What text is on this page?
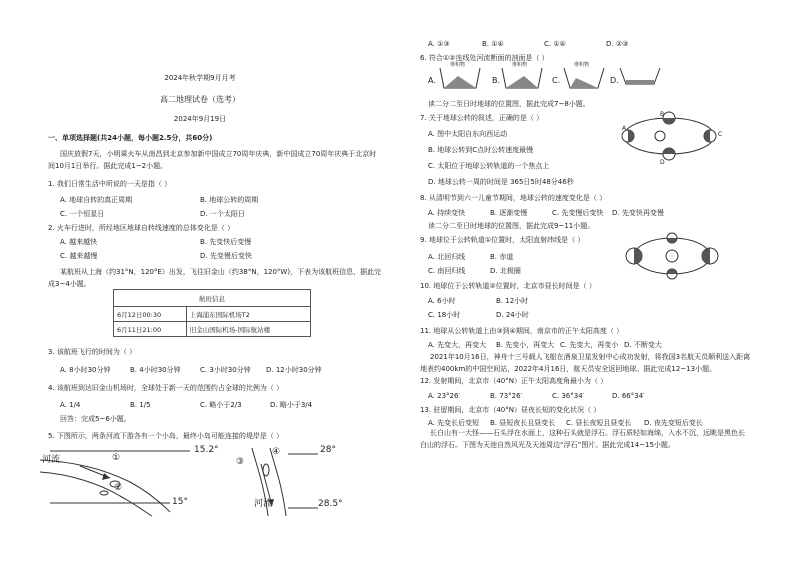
2024年秋学期9月月考
高二地理试卷（选考）
2024年9月19日
一、单项选择题(共24小题，每小题2.5分，共60分)
国庆放假7天，小明乘火车从南昌到北京参加新中国成立70周年庆典，新中国成立70周年庆典于北京时
间10月1日举行。据此完成1~2小题。
1. 我们日常生活中所说的一天是指（ ）
A. 地球自转的真正周期	B. 地球公转的周期
C. 一个恒星日	D. 一个太阳日
2. 火车行进时，所经地区地球自转线速度的总体变化是（ ）
A. 越来越快	B. 先变快后变慢
C. 越来越慢	D. 先变慢后变快
某航班从上海（约31°N，120°E）出发，飞往旧金山（约38°N，120°W)，下表为该航班信息，据此完
成3~4小题。
航班信息	
6月12日00:30	上海浦东国际机场T2
6月11日21:00	旧金山国际机场-国际航站楼
3. 该航班飞行的时间为（ ）
A. 8小时30分钟	B. 4小时30分钟	C. 3小时30分钟 D. 12小时30分钟
4. 该航班到达旧金山机场时，全球处于新一天的范围约占全球的比例为（ ）
A. 1/4	B. 1/5	C. 略小于2/3	D. 略小于3/4
回答：完成5~6小题。
5. 下图所示，两条河流下游各有一个小岛，最终小岛可能连接的堤岸是（ ）
河流
15.2°
15°
①
②
③
④	28°
28.5°
河流
A. ①③	B. ①④	C. ①④	D. ②③
6. 符合①②连线处河流断面的剖面是（ ）
A.	B.	C.	D.
堆积物	堆积物	堆积物
读二分二至日时地球的位置图，据此完成7~8小题。
A
B
C
D
7. 关于地球公转的叙述，正确的是（ ）
A. 图中太阳自东向西运动
B. 地球公转到C点时公转速度最慢
C. 太阳位于地球公转轨道的一个焦点上
D. 地球公转一周的时间是 365日5时48分46秒
8. 从清明节到六一儿童节期间，地球公转的速度变化是（ ）
A. 持续变快	B. 逐渐变慢	C. 先变慢后变快 D. 先变快再变慢
读二分二至日时地球的位置图，据此完成9~11小题。
9. 地球位于公转轨道①位置时，太阳直射纬线是（ ）
A. 北回归线	B. 赤道
C. 南回归线	D. 北极圈
10. 地球位于公转轨道②位置时，北京市昼长时间是（ ）
A. 6小时	B. 12小时
C. 18小时	D. 24小时
11. 地球从公转轨道上由③到④期间，南京市的正午太阳高度（ ）
A. 先变大，再变大 B. 先变小，再变大 C. 先变大，再变小 D. 不断变大
2021年10月16日，神舟十三号载人飞船在酒泉卫星发射中心成功发射，将我国3名航天员顺利送入距离
地表约400km的中国空间站，2022年4月16日，航天员安全返回地球。据此完成12~13小题。
12. 发射期间，北京市（40°N）正午太阳高度角最小为（ ）
A. 23°26′	B. 73°26′	C. 36°34′	D. 66°34′
13. 驻留期间，北京市（40°N）昼夜长短的变化状况（ ）
A. 先变长后变短 B. 昼短夜长且昼变长 C. 昼长夜短且昼变长 D. 夜先变短后变长
长白山有一大怪——石头浮在水面上，这种石头就是浮石。浮石质轻如海绵，入水不沉，远眺是黑色长
白山的浮石。下图为天池自然风光及天池周边“浮石”图片。据此完成14~15小题。
